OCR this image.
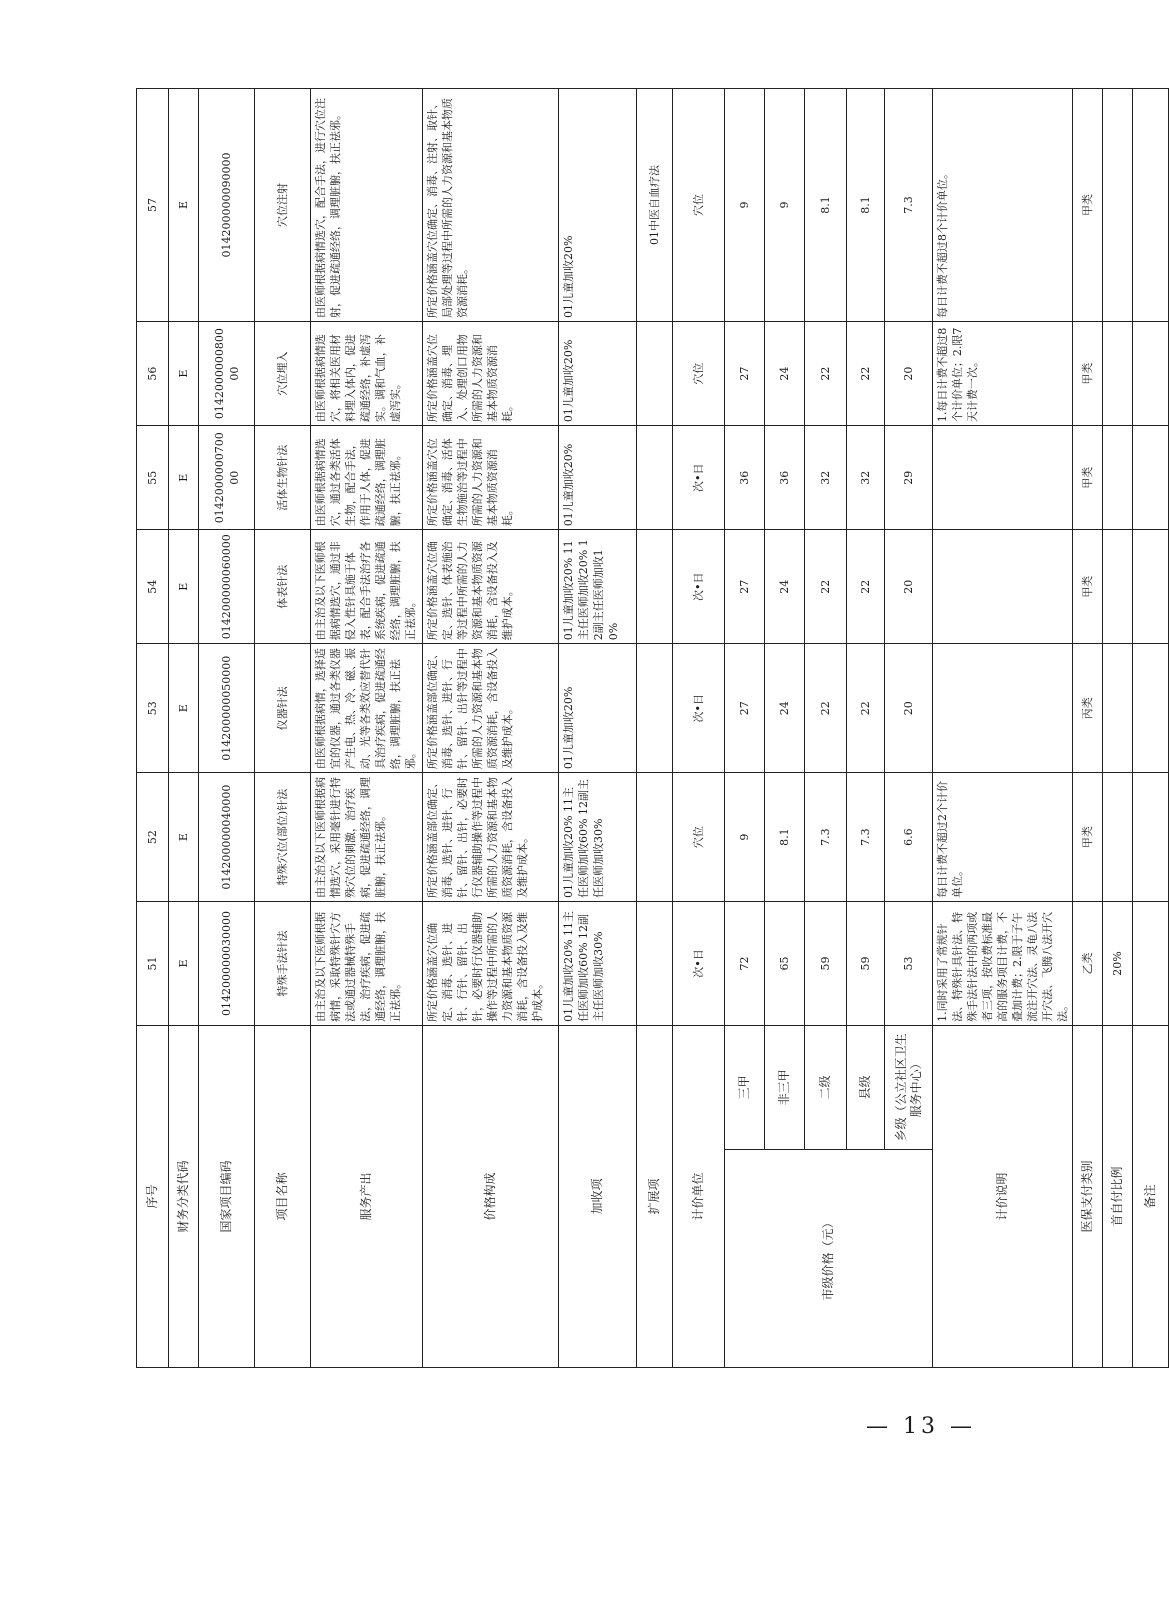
序号		51	52	53	54	55	56	57
财务分类代码		E	E	E	E	E	E	E
国家项目编码		014200000030000	014200000040000	014200000050000	014200000060000	014200000070000	014200000080000	014200000090000
项目名称		特殊手法针法	特殊穴位(部位)针法	仪器针法	体表针法	活体生物针法	穴位埋入	穴位注射
服务产出		由主治及以下医师根据病情，采取特殊针穴方法或通过器械特殊手法，治疗疾病，促进疏通经络，调理脏腑，扶正祛邪。	由主治及以下医师根据病情选穴，采用毫针进行特殊穴位的刺激，治疗疾病，促进疏通经络，调理脏腑，扶正祛邪。	由医师根据病情，选择适宜的仪器，通过各类仪器产生电、热、冷、磁、振动、光等各类效应替代针具治疗疾病，促进疏通经络，调理脏腑，扶正祛邪。	由主治及以下医师根据病情选穴，通过非侵入性针具施于体表，配合手法治疗各系统疾病，促进疏通经络，调理脏腑，扶正祛邪。	由医师根据病情选穴，通过各类活体生物，配合手法，作用于人体，促进疏通经络，调理脏腑，扶正祛邪。	由医师根据病情选穴，将相关医用材料埋入体内，促进疏通经络，补虚泻实。调和气血，补虚泻实。	由医师根据病情选穴，配合手法，进行穴位注射，促进疏通经络，调理脏腑，扶正祛邪。
价格构成		所定价格涵盖穴位确定、消毒、选针、进针、行针、留针、出针，必要时行仪器辅助操作等过程中所需的人力资源和基本物质资源消耗，含设备投入及维护成本。	所定价格涵盖部位确定、消毒、选针、进针、行针、留针、出针，必要时行仪器辅助操作等过程中所需的人力资源和基本物质资源消耗，含设备投入及维护成本。	所定价格涵盖部位确定、消毒、选针、进针、行针、留针、出针等过程中所需的人力资源和基本物质资源消耗，含设备投入及维护成本。	所定价格涵盖穴位确定、选针、体表施治等过程中所需的人力资源和基本物质资源消耗，含设备投入及维护成本。	所定价格涵盖穴位确定、消毒、活体生物施治等过程中所需的人力资源和基本物质资源消耗。	所定价格涵盖穴位确定、消毒、埋入、处理创口用物所需的人力资源和基本物质资源消耗。	所定价格涵盖穴位确定、消毒、注射、取针、局部处理等过程中所需的人力资源和基本物质资源消耗。
加收项		01儿童加收20% 11主任医师加收60% 12副主任医师加收30%	01儿童加收20% 11主任医师加收60% 12副主任医师加收30%	01儿童加收20%	01儿童加收20% 11主任医师加收20% 12副主任医师加收10%	01儿童加收20%	01儿童加收20%	01儿童加收20%
扩展项								01中医自血疗法
计价单位		次•日	穴位	次•日	次•日	次•日	穴位	穴位
市级价格（元）	三甲	72	9	27	27	36	27	9
	非三甲	65	8.1	24	24	36	24	9
	二级	59	7.3	22	22	32	22	8.1
	县级	59	7.3	22	22	32	22	8.1
	乡级（公立社区卫生服务中心）	53	6.6	20	20	29	20	7.3
计价说明		1.同时采用了常规针法、特殊针具针法、特殊手法针法中的两项或者三项，按收费标准最高的服务项目计费，不叠加计费；2.限于子午流注开穴法、灵龟八法开穴法、飞腾八法开穴法。	每日计费不超过2个计价单位。				1.每日计费不超过8个计价单位；2.限7天计费一次。	每日计费不超过8个计价单位。
医保支付类别		乙类	甲类	丙类	甲类	甲类	甲类	甲类
首自付比例		20%						
备注								
— 13 —
